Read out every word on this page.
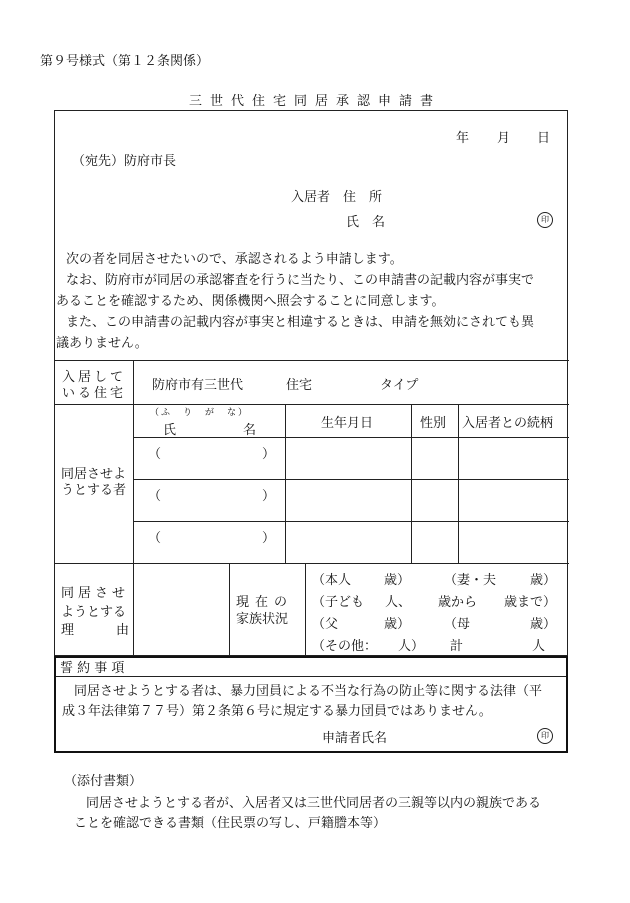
第９号様式（第１２条関係）
三世代住宅同居承認申請書
年 月 日
（宛先）防府市長
入居者　住　所
氏　名	印
次の者を同居させたいので、承認されるよう申請します。
なお、防府市が同居の承認審査を行うに当たり、この申請書の記載内容が事実で
あることを確認するため、関係機関へ照会することに同意します。
また、この申請書の記載内容が事実と相違するときは、申請を無効にされても異
議ありません。
入居して
いる住宅
防府市有三世代	住宅	タイプ
（ふ　り　が　な）
氏	名	生年月日	性別 入居者との続柄
同居させよ
うとする者
（	）
（	）
（	）
同居させ
ようとする
理	由
現在の
家族状況
（本人	歳）	（妻・夫	歳）
（子ども 人、 歳から 歳まで）
（父	歳）	（母	歳）
（その他： 人） 計	人
誓 約 事 項
同居させようとする者は、暴力団員による不当な行為の防止等に関する法律（平
成３年法律第７７号）第２条第６号に規定する暴力団員ではありません。
申請者氏名	印
（添付書類）
同居させようとする者が、入居者又は三世代同居者の三親等以内の親族である
ことを確認できる書類（住民票の写し、戸籍謄本等）
